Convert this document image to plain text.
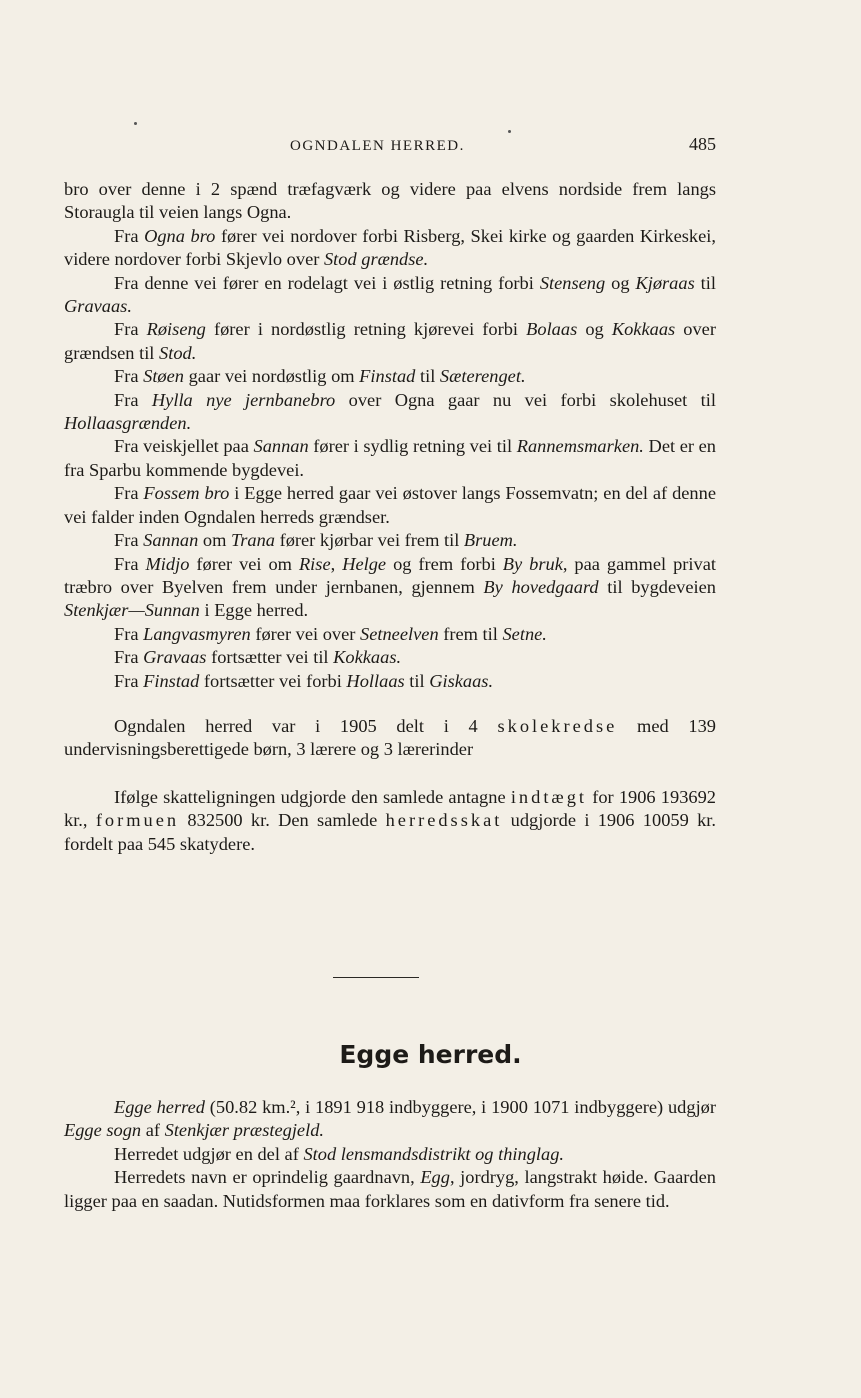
OGNDALEN HERRED.	485

bro over denne i 2 spænd træfagværk og videre paa elvens nordside frem langs Storaugla til veien langs Ogna.

Fra Ogna bro fører vei nordover forbi Risberg, Skei kirke og gaarden Kirkeskei, videre nordover forbi Skjevlo over Stod grændse.

Fra denne vei fører en rodelagt vei i østlig retning forbi Stenseng og Kjøraas til Gravaas.

Fra Røiseng fører i nordøstlig retning kjørevei forbi Bolaas og Kokkaas over grændsen til Stod.

Fra Støen gaar vei nordøstlig om Finstad til Sæterenget.

Fra Hylla nye jernbanebro over Ogna gaar nu vei forbi skolehuset til Hollaasgrænden.

Fra veiskjellet paa Sannan fører i sydlig retning vei til Rannemsmarken. Det er en fra Sparbu kommende bygdevei.

Fra Fossem bro i Egge herred gaar vei østover langs Fossemvatn; en del af denne vei falder inden Ogndalen herreds grændser.

Fra Sannan om Trana fører kjørbar vei frem til Bruem.

Fra Midjo fører vei om Rise, Helge og frem forbi By bruk, paa gammel privat træbro over Byelven frem under jernbanen, gjennem By hovedgaard til bygdeveien Stenkjær—Sunnan i Egge herred.

Fra Langvasmyren fører vei over Setneelven frem til Setne.

Fra Gravaas fortsætter vei til Kokkaas.

Fra Finstad fortsætter vei forbi Hollaas til Giskaas.

Ogndalen herred var i 1905 delt i 4 skolekredse med 139 undervisningsberettigede børn, 3 lærere og 3 lærerinder

Ifølge skatteligningen udgjorde den samlede antagne indtægt for 1906 193692 kr., formuen 832500 kr. Den samlede herredsskat udgjorde i 1906 10059 kr. fordelt paa 545 skatydere.

Egge herred.

Egge herred (50.82 km.², i 1891 918 indbyggere, i 1900 1071 indbyggere) udgjør Egge sogn af Stenkjær præstegjeld.

Herredet udgjør en del af Stod lensmandsdistrikt og thinglag.

Herredets navn er oprindelig gaardnavn, Egg, jordryg, langstrakt høide. Gaarden ligger paa en saadan. Nutidsformen maa forklares som en dativform fra senere tid.
